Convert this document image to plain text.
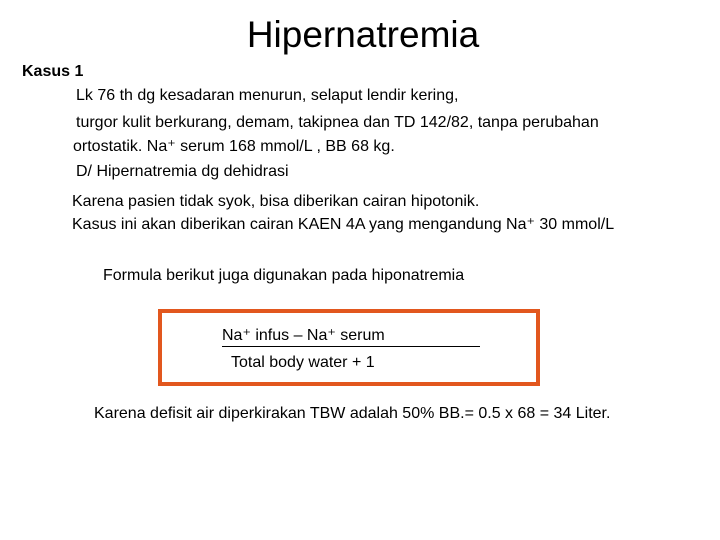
Hipernatremia
Kasus 1
Lk 76 th dg kesadaran menurun, selaput lendir kering,
turgor kulit berkurang, demam, takipnea dan TD 142/82, tanpa perubahan
ortostatik. Na⁺ serum 168 mmol/L , BB 68 kg.
D/ Hipernatremia dg dehidrasi
Karena pasien tidak syok, bisa diberikan cairan hipotonik.
Kasus ini akan diberikan cairan KAEN 4A yang mengandung Na⁺ 30 mmol/L
Formula berikut juga digunakan pada hiponatremia
Na⁺ infus – Na⁺ serum
Total body water + 1
Karena defisit air diperkirakan TBW adalah 50% BB.= 0.5 x 68 = 34 Liter.
